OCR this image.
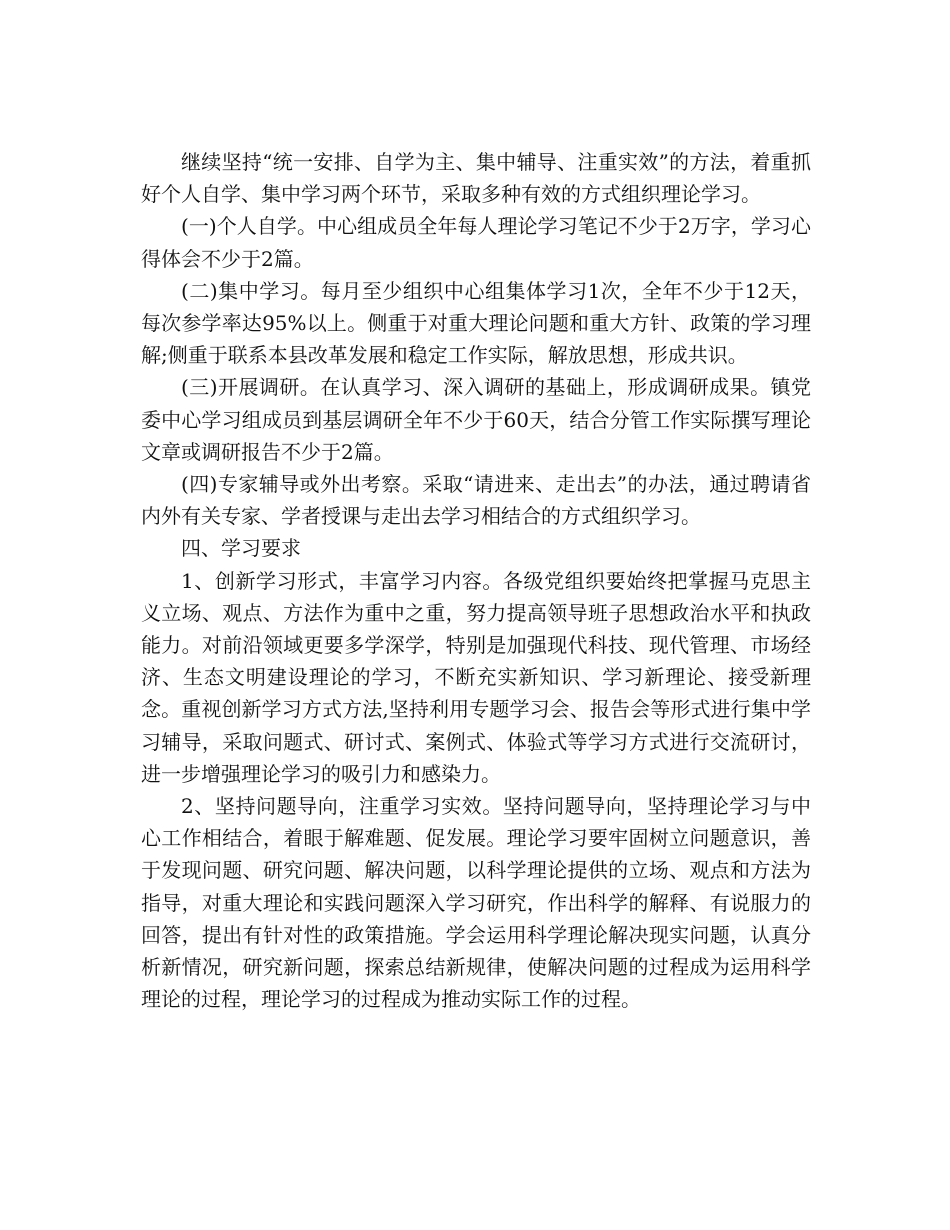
继续坚持“统一安排、自学为主、集中辅导、注重实效”的方法，着重抓好个人自学、集中学习两个环节，采取多种有效的方式组织理论学习。

(一)个人自学。中心组成员全年每人理论学习笔记不少于2万字，学习心得体会不少于2篇。

(二)集中学习。每月至少组织中心组集体学习1次，全年不少于12天，每次参学率达95%以上。侧重于对重大理论问题和重大方针、政策的学习理解;侧重于联系本县改革发展和稳定工作实际，解放思想，形成共识。

(三)开展调研。在认真学习、深入调研的基础上，形成调研成果。镇党委中心学习组成员到基层调研全年不少于60天，结合分管工作实际撰写理论文章或调研报告不少于2篇。

(四)专家辅导或外出考察。采取“请进来、走出去”的办法，通过聘请省内外有关专家、学者授课与走出去学习相结合的方式组织学习。

四、学习要求

1、创新学习形式，丰富学习内容。各级党组织要始终把掌握马克思主义立场、观点、方法作为重中之重，努力提高领导班子思想政治水平和执政能力。对前沿领域更要多学深学，特别是加强现代科技、现代管理、市场经济、生态文明建设理论的学习，不断充实新知识、学习新理论、接受新理念。重视创新学习方式方法,坚持利用专题学习会、报告会等形式进行集中学习辅导，采取问题式、研讨式、案例式、体验式等学习方式进行交流研讨，进一步增强理论学习的吸引力和感染力。

2、坚持问题导向，注重学习实效。坚持问题导向，坚持理论学习与中心工作相结合，着眼于解难题、促发展。理论学习要牢固树立问题意识，善于发现问题、研究问题、解决问题，以科学理论提供的立场、观点和方法为指导，对重大理论和实践问题深入学习研究，作出科学的解释、有说服力的回答，提出有针对性的政策措施。学会运用科学理论解决现实问题，认真分析新情况，研究新问题，探索总结新规律，使解决问题的过程成为运用科学理论的过程，理论学习的过程成为推动实际工作的过程。
